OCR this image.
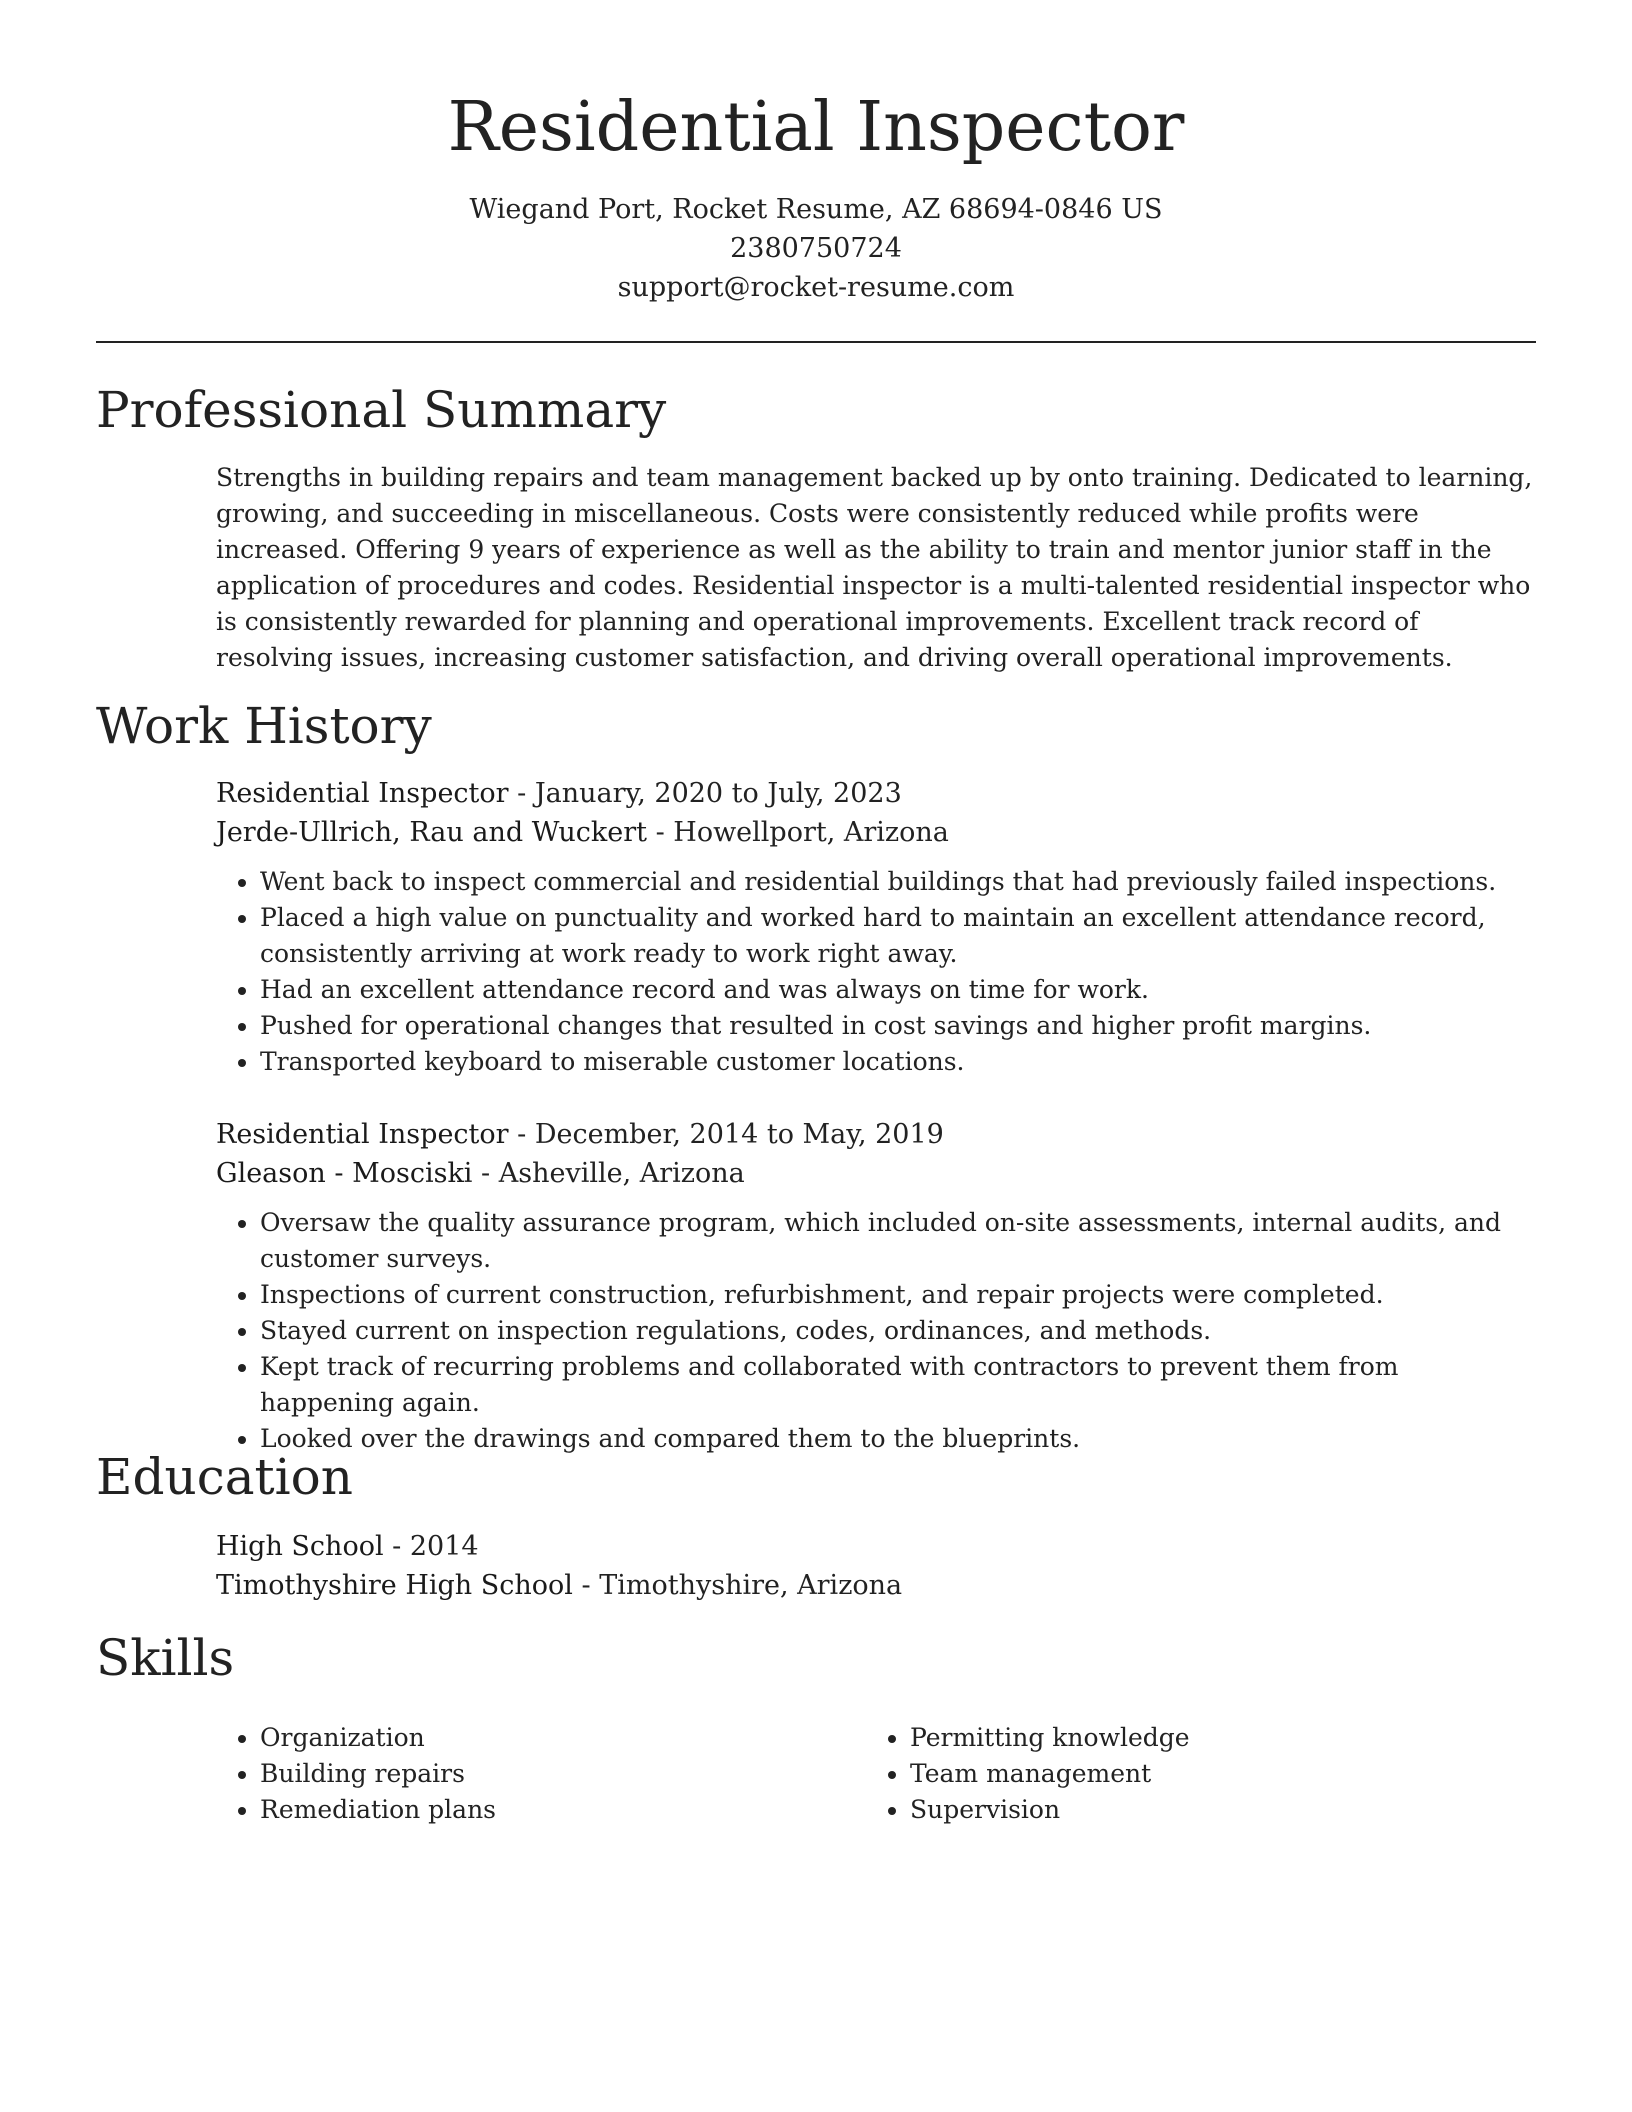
Residential Inspector

Wiegand Port, Rocket Resume, AZ 68694-0846 US

2380750724

support@rocket-resume.com

Professional Summary

Strengths in building repairs and team management backed up by onto training. Dedicated to learning, growing, and succeeding in miscellaneous. Costs were consistently reduced while profits were increased. Offering 9 years of experience as well as the ability to train and mentor junior staff in the application of procedures and codes. Residential inspector is a multi-talented residential inspector who is consistently rewarded for planning and operational improvements. Excellent track record of resolving issues, increasing customer satisfaction, and driving overall operational improvements.

Work History

Residential Inspector - January, 2020 to July, 2023

Jerde-Ullrich, Rau and Wuckert - Howellport, Arizona

• Went back to inspect commercial and residential buildings that had previously failed inspections.
• Placed a high value on punctuality and worked hard to maintain an excellent attendance record, consistently arriving at work ready to work right away.
• Had an excellent attendance record and was always on time for work.
• Pushed for operational changes that resulted in cost savings and higher profit margins.
• Transported keyboard to miserable customer locations.

Residential Inspector - December, 2014 to May, 2019

Gleason - Mosciski - Asheville, Arizona

• Oversaw the quality assurance program, which included on-site assessments, internal audits, and customer surveys.
• Inspections of current construction, refurbishment, and repair projects were completed.
• Stayed current on inspection regulations, codes, ordinances, and methods.
• Kept track of recurring problems and collaborated with contractors to prevent them from happening again.
• Looked over the drawings and compared them to the blueprints.
Education

High School - 2014

Timothyshire High School - Timothyshire, Arizona

Skills
• Organization
• Building repairs
• Remediation plans
• Permitting knowledge
• Team management
• Supervision
